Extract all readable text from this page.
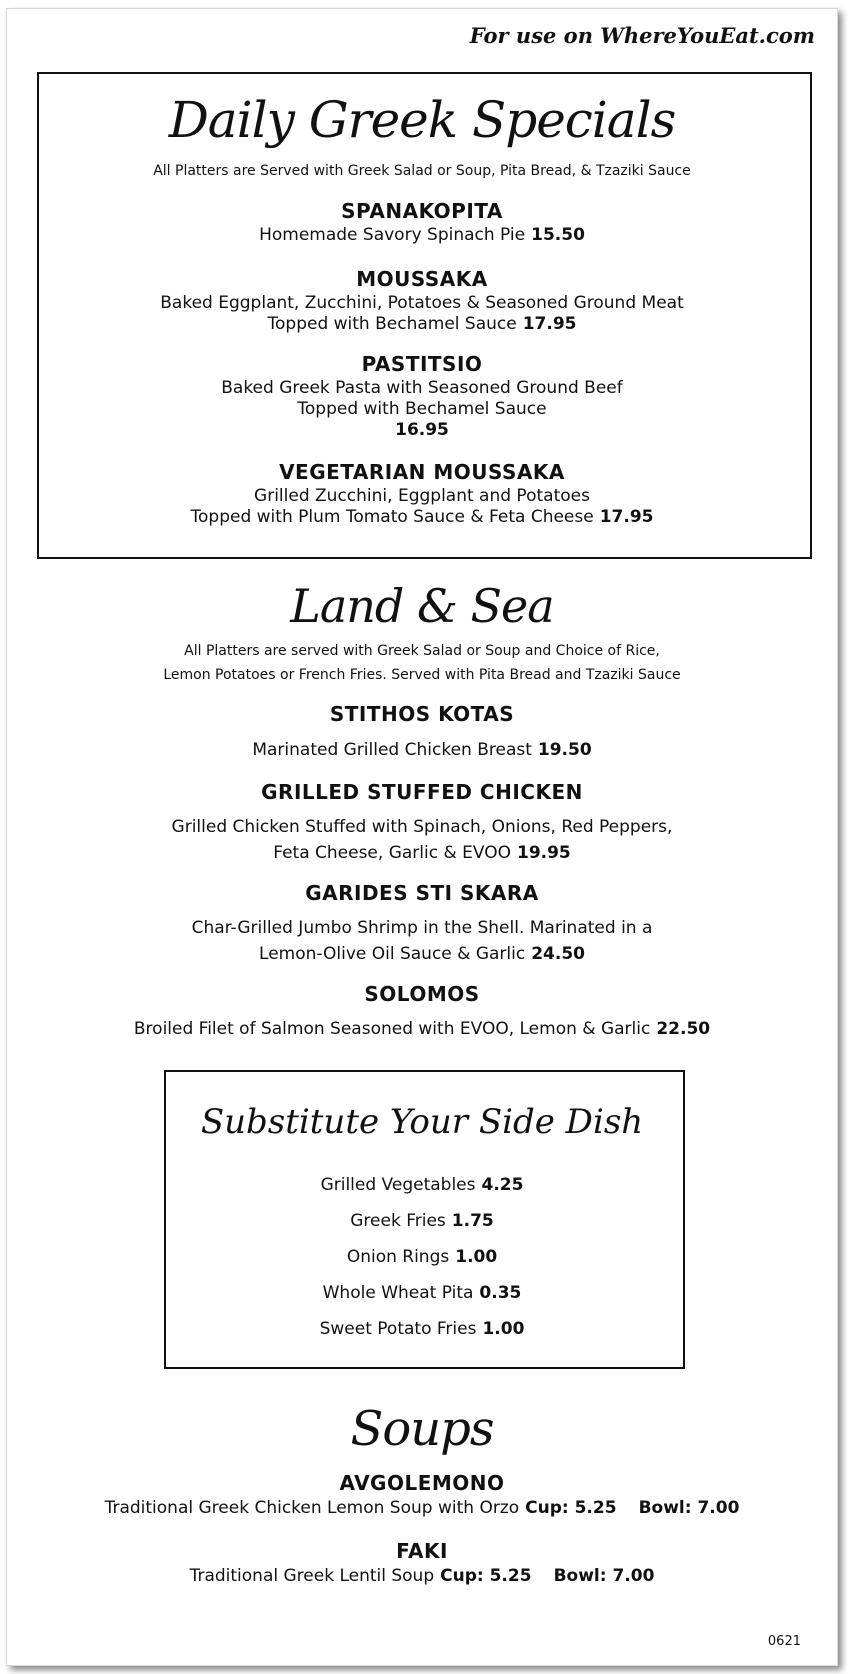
For use on WhereYouEat.com
Daily Greek Specials
All Platters are Served with Greek Salad or Soup, Pita Bread, & Tzaziki Sauce
SPANAKOPITA
Homemade Savory Spinach Pie 15.50
MOUSSAKA
Baked Eggplant, Zucchini, Potatoes & Seasoned Ground Meat
Topped with Bechamel Sauce 17.95
PASTITSIO
Baked Greek Pasta with Seasoned Ground Beef
Topped with Bechamel Sauce
16.95
VEGETARIAN MOUSSAKA
Grilled Zucchini, Eggplant and Potatoes
Topped with Plum Tomato Sauce & Feta Cheese 17.95
Land & Sea
All Platters are served with Greek Salad or Soup and Choice of Rice,
Lemon Potatoes or French Fries. Served with Pita Bread and Tzaziki Sauce
STITHOS KOTAS
Marinated Grilled Chicken Breast 19.50
GRILLED STUFFED CHICKEN
Grilled Chicken Stuffed with Spinach, Onions, Red Peppers,
Feta Cheese, Garlic & EVOO 19.95
GARIDES STI SKARA
Char-Grilled Jumbo Shrimp in the Shell. Marinated in a
Lemon-Olive Oil Sauce & Garlic 24.50
SOLOMOS
Broiled Filet of Salmon Seasoned with EVOO, Lemon & Garlic 22.50
Substitute Your Side Dish
Grilled Vegetables 4.25
Greek Fries 1.75
Onion Rings 1.00
Whole Wheat Pita 0.35
Sweet Potato Fries 1.00
Soups
AVGOLEMONO
Traditional Greek Chicken Lemon Soup with Orzo Cup: 5.25 Bowl: 7.00
FAKI
Traditional Greek Lentil Soup Cup: 5.25 Bowl: 7.00
0621
